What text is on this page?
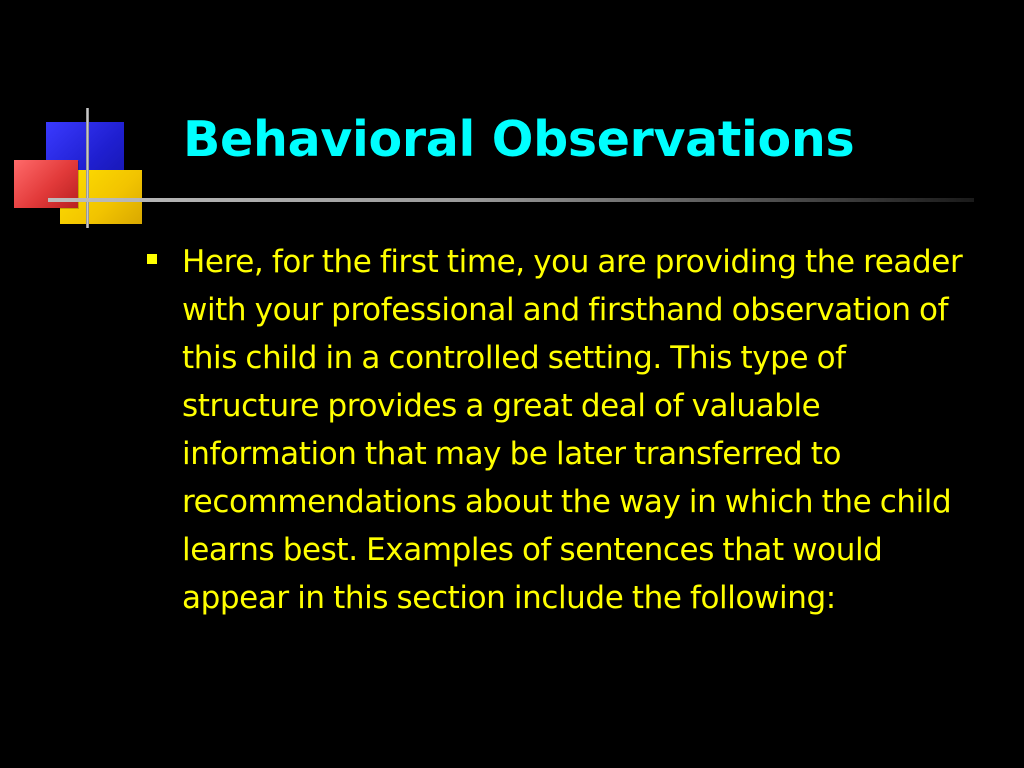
Behavioral Observations
Here, for the first time, you are providing the reader with your professional and firsthand observation of this child in a controlled setting. This type of structure provides a great deal of valuable information that may be later transferred to recommendations about the way in which the child learns best. Examples of sentences that would appear in this section include the following:
